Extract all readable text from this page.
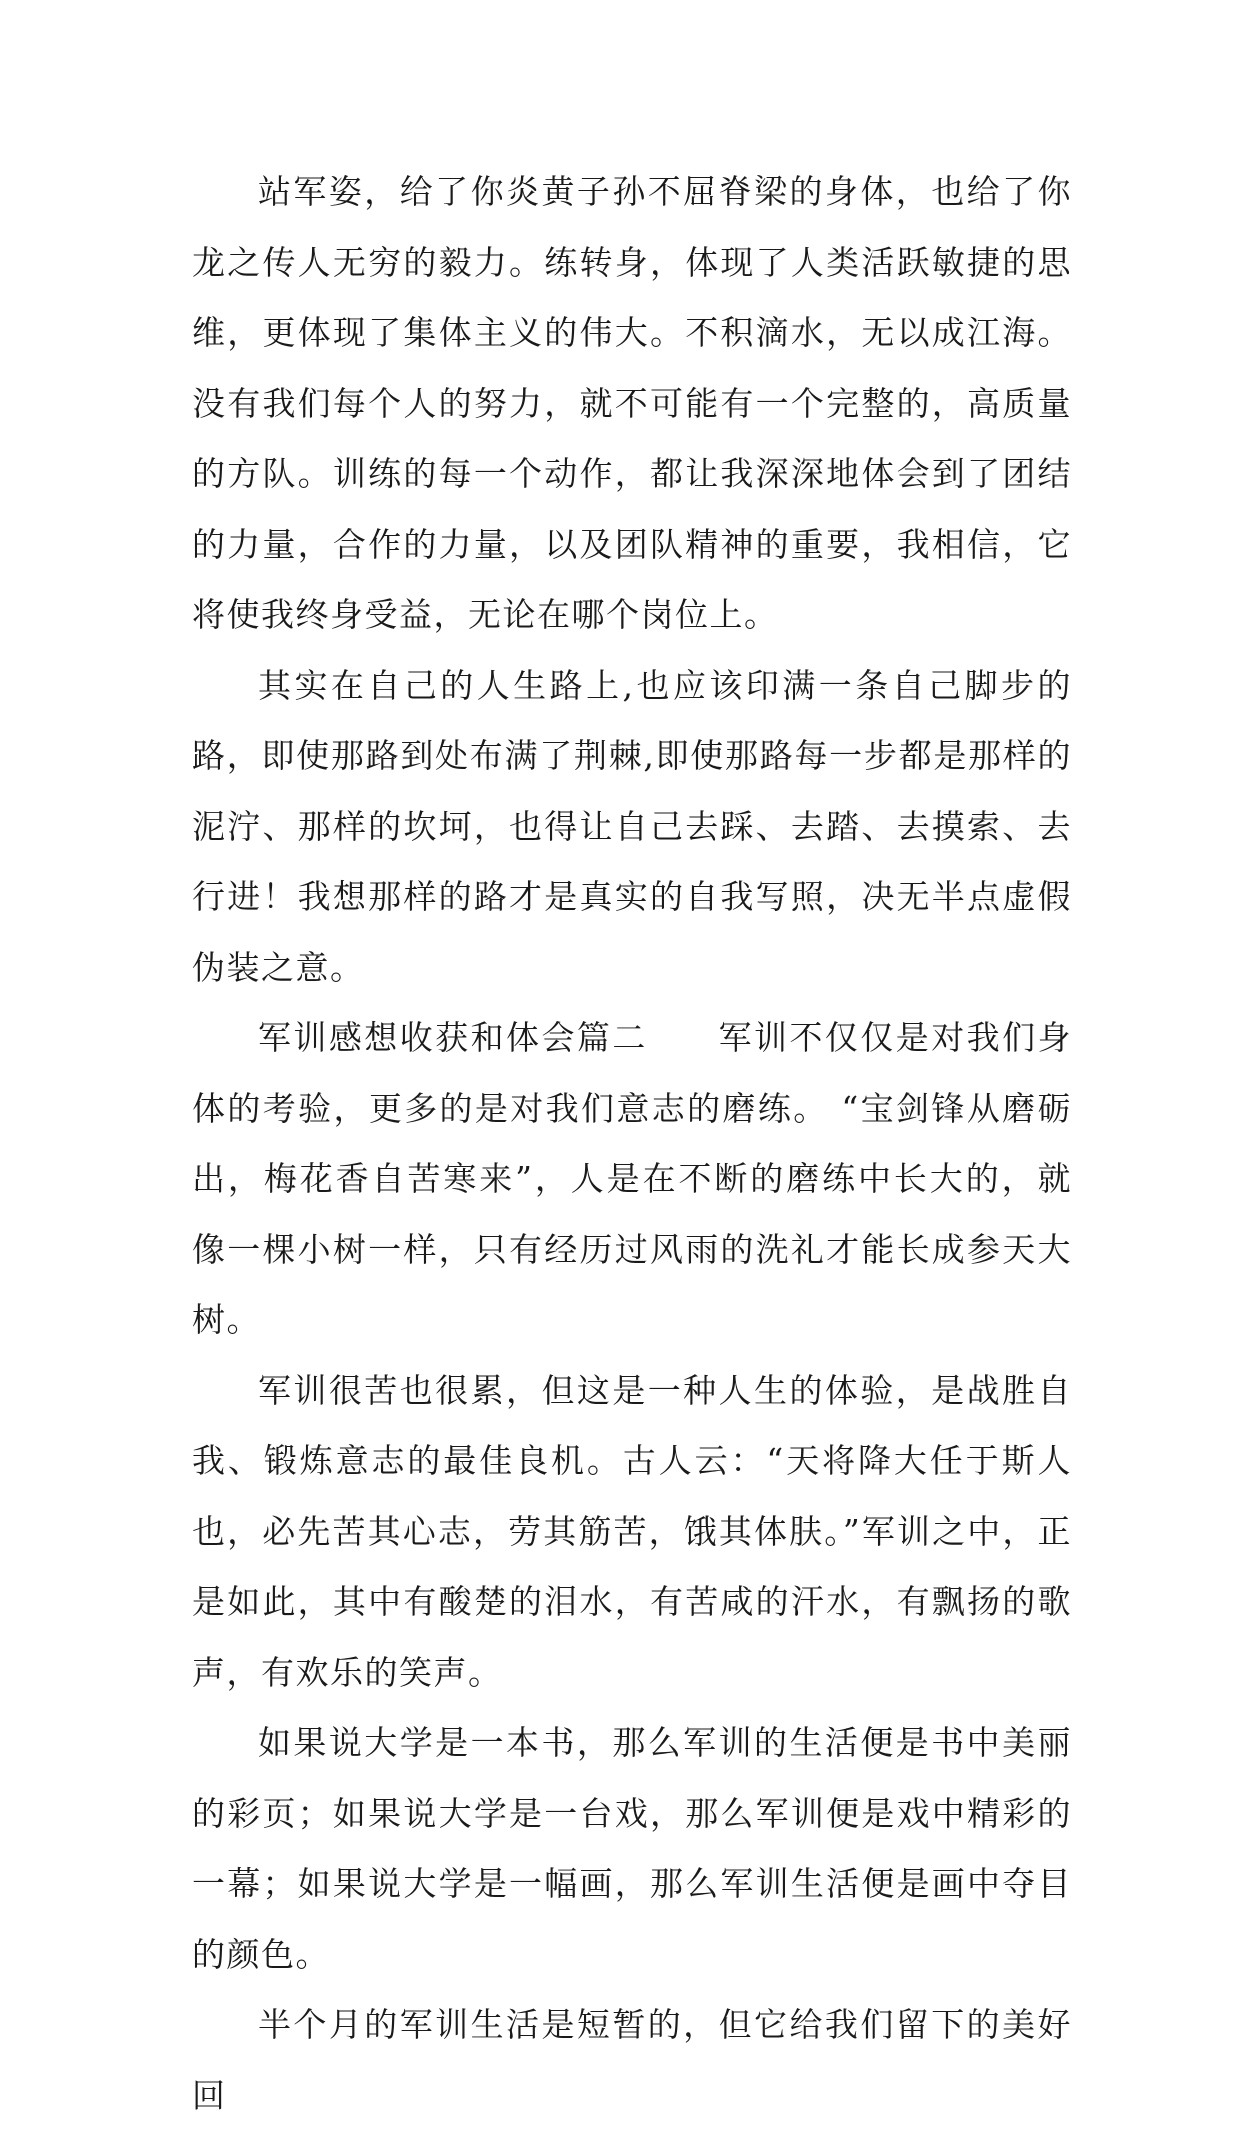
站军姿，给了你炎黄子孙不屈脊梁的身体，也给了你龙之传人无穷的毅力。练转身，体现了人类活跃敏捷的思维，更体现了集体主义的伟大。不积滴水，无以成江海。没有我们每个人的努力，就不可能有一个完整的，高质量的方队。训练的每一个动作，都让我深深地体会到了团结的力量，合作的力量，以及团队精神的重要，我相信，它将使我终身受益，无论在哪个岗位上。

其实在自己的人生路上,也应该印满一条自己脚步的路，即使那路到处布满了荆棘,即使那路每一步都是那样的泥泞、那样的坎坷，也得让自己去踩、去踏、去摸索、去行进！我想那样的路才是真实的自我写照，决无半点虚假伪装之意。

军训感想收获和体会篇二　　军训不仅仅是对我们身体的考验，更多的是对我们意志的磨练。 “宝剑锋从磨砺出，梅花香自苦寒来”，人是在不断的磨练中长大的，就像一棵小树一样，只有经历过风雨的洗礼才能长成参天大树。

军训很苦也很累，但这是一种人生的体验，是战胜自我、锻炼意志的最佳良机。古人云：“天将降大任于斯人也，必先苦其心志，劳其筋苦，饿其体肤。”军训之中，正是如此，其中有酸楚的泪水，有苦咸的汗水，有飘扬的歌声，有欢乐的笑声。

如果说大学是一本书，那么军训的生活便是书中美丽的彩页；如果说大学是一台戏，那么军训便是戏中精彩的一幕；如果说大学是一幅画，那么军训生活便是画中夺目的颜色。

半个月的军训生活是短暂的，但它给我们留下的美好回
